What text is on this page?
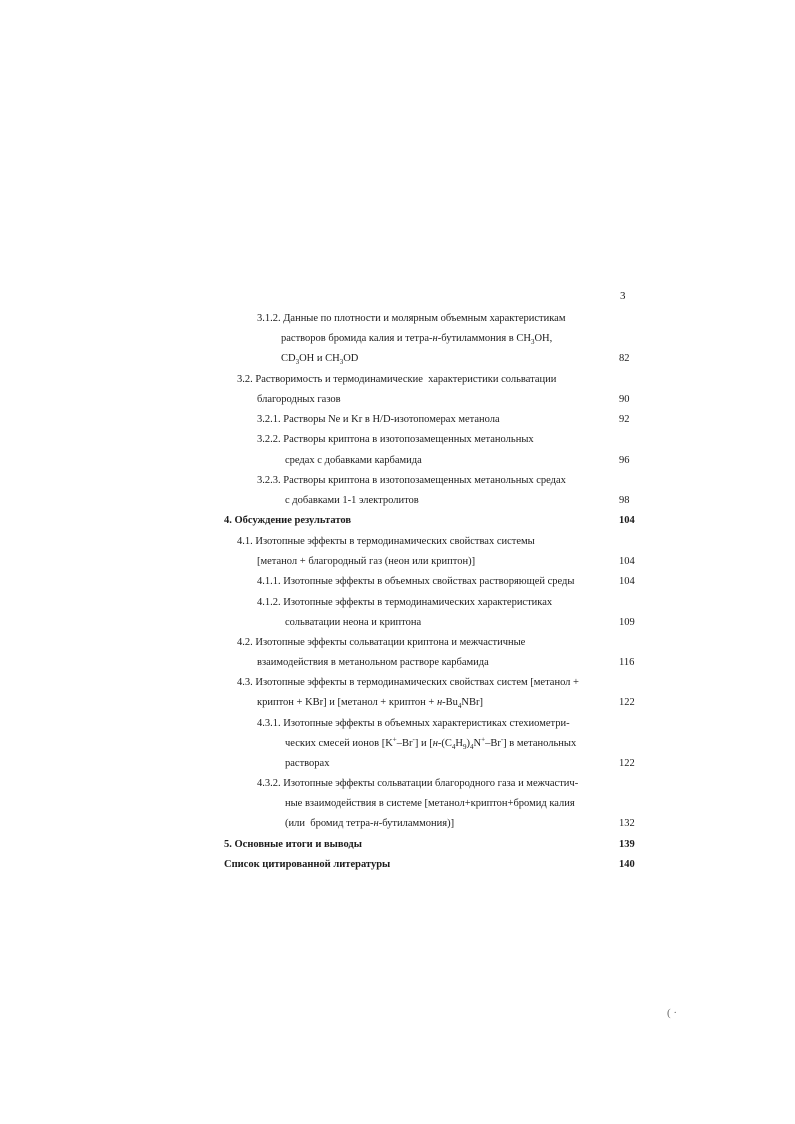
3
3.1.2. Данные по плотности и молярным объемным характеристикам
растворов бромида калия и тетра-н-бутиламмония в $CH_3OH$,
$CD_3OH$ и $CH_3OD$	82
3.2. Растворимость и термодинамические  характеристики сольватации
благородных газов	90
3.2.1. Растворы Ne и Kr в H/D-изотопомерах метанола	92
3.2.2. Растворы криптона в изотопозамещенных метанольных
средах с добавками карбамида	96
3.2.3. Растворы криптона в изотопозамещенных метанольных средах
с добавками 1-1 электролитов	98
4. Обсуждение результатов	104
4.1. Изотопные эффекты в термодинамических свойствах системы
[метанол + благородный газ (неон или криптон)]	104
4.1.1. Изотопные эффекты в объемных свойствах растворяющей среды	104
4.1.2. Изотопные эффекты в термодинамических характеристиках
сольватации неона и криптона	109
4.2. Изотопные эффекты сольватации криптона и межчастичные
взаимодействия в метанольном растворе карбамида	116
4.3. Изотопные эффекты в термодинамических свойствах систем [метанол +
криптон + KBr] и [метанол + криптон + $н-Bu_4NBr$]	122
4.3.1. Изотопные эффекты в объемных характеристиках стехиометри-
ческих смесей ионов [K+–Br-] и $[н-(C_4H_9)_4N^+-Br^-]$ в метанольных
растворах	122
4.3.2. Изотопные эффекты сольватации благородного газа и межчастич-
ные взаимодействия в системе [метанол+криптон+бромид калия
(или  бромид тетра-н-бутиламмония)]	132
5. Основные итоги и выводы	139
Список цитированной литературы	140
( ·
